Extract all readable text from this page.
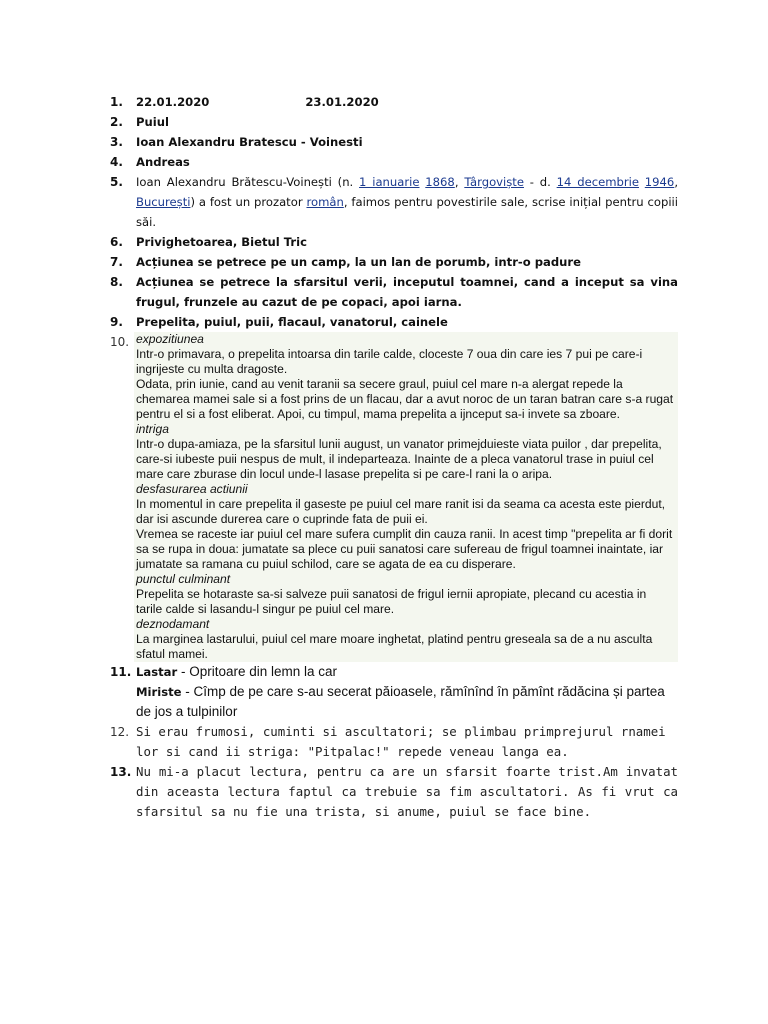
1.	22.01.2020	23.01.2020
2.	Puiul
3.	Ioan Alexandru Bratescu - Voinesti
4.	Andreas
5.	Ioan Alexandru Brătescu-Voinești (n. 1 ianuarie 1868, Târgoviște - d. 14 decembrie 1946, București) a fost un prozator român, faimos pentru povestirile sale, scrise inițial pentru copiii săi.
6.	Privighetoarea, Bietul Tric
7.	Acțiunea se petrece pe un camp, la un lan de porumb, intr-o padure
8.	Acțiunea se petrece la sfarsitul verii, inceputul toamnei, cand a inceput sa vina frugul, frunzele au cazut de pe copaci, apoi iarna.
9.	Prepelita, puiul, puii, flacaul, vanatorul, cainele
10. expozitiunea

Intr-o primavara, o prepelita intoarsa din tarile calde, cloceste 7 oua din care ies 7 pui pe care-i ingrijeste cu multa dragoste.

Odata, prin iunie, cand au venit taranii sa secere graul, puiul cel mare n-a alergat repede la chemarea mamei sale si a fost prins de un flacau, dar a avut noroc de un taran batran care s-a rugat pentru el si a fost eliberat. Apoi, cu timpul, mama prepelita a ijnceput sa-i invete sa zboare.

intriga

Intr-o dupa-amiaza, pe la sfarsitul lunii august, un vanator primejduieste viata puilor , dar prepelita, care-si iubeste puii nespus de mult, il indeparteaza. Inainte de a pleca vanatorul trase in puiul cel mare care zburase din locul unde-l lasase prepelita si pe care-l rani la o aripa.

desfasurarea actiunii

In momentul in care prepelita il gaseste pe puiul cel mare ranit isi da seama ca acesta este pierdut, dar isi ascunde durerea care o cuprinde fata de puii ei.

Vremea se raceste iar puiul cel mare sufera cumplit din cauza ranii. In acest timp "prepelita ar fi dorit sa se rupa in doua: jumatate sa plece cu puii sanatosi care sufereau de frigul toamnei inaintate, iar jumatate sa ramana cu puiul schilod, care se agata de ea cu disperare.

punctul culminant

Prepelita se hotaraste sa-si salveze puii sanatosi de frigul iernii apropiate, plecand cu acestia in tarile calde si lasandu-l singur pe puiul cel mare.

deznodamant

La marginea lastarului, puiul cel mare moare inghetat, platind pentru greseala sa de a nu asculta sfatul mamei.

11. Lastar - Opritoare din lemn la car
Miriste - Cîmp de pe care s-au secerat păioasele, rămînînd în pămînt rădăcina și partea de jos a tulpinilor
12. Si erau frumosi, cuminti si ascultatori; se plimbau primprejurul rnamei lor si cand ii striga: "Pitpalac!" repede veneau langa ea.
13. Nu mi-a placut lectura, pentru ca are un sfarsit foarte trist.Am invatat din aceasta lectura faptul ca trebuie sa fim ascultatori. As fi vrut ca sfarsitul sa nu fie una trista, si anume, puiul se face bine.
